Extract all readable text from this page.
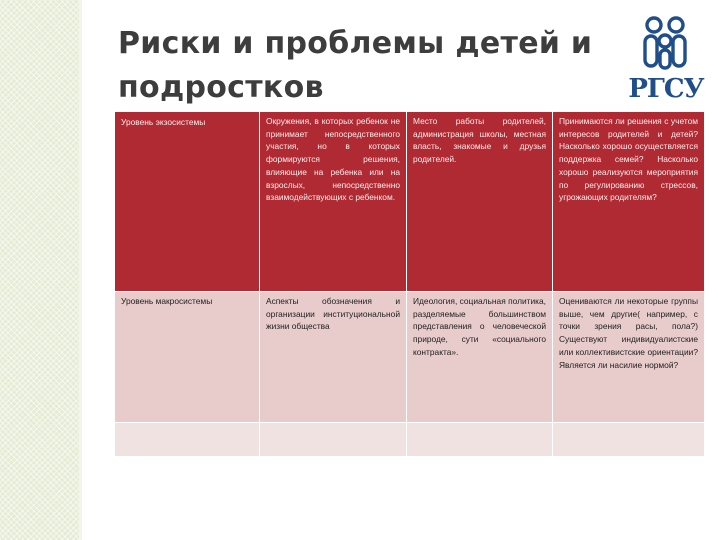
Риски и проблемы детей и подростков	РГСУ
Уровень экзосистемы	Окружения, в которых ребенок не принимает непосредственного участия, но в которых формируются решения, влияющие на ребенка или на взрослых, непосредственно взаимодействующих с ребенком.	Место работы родителей, администрация школы, местная власть, знакомые и друзья родителей.	Принимаются ли решения с учетом интересов родителей и детей? Насколько хорошо осуществляется поддержка семей? Насколько хорошо реализуются мероприятия по регулированию стрессов, угрожающих родителям?
Уровень макросистемы	Аспекты обозначения и организации институциональной жизни общества	Идеология, социальная политика, разделяемые большинством представления о человеческой природе, сути «социального контракта».	Оцениваются ли некоторые группы выше, чем другие( например, с точки зрения расы, пола?) Существуют индивидуалистские или коллективистские ориентации? Является ли насилие нормой?
